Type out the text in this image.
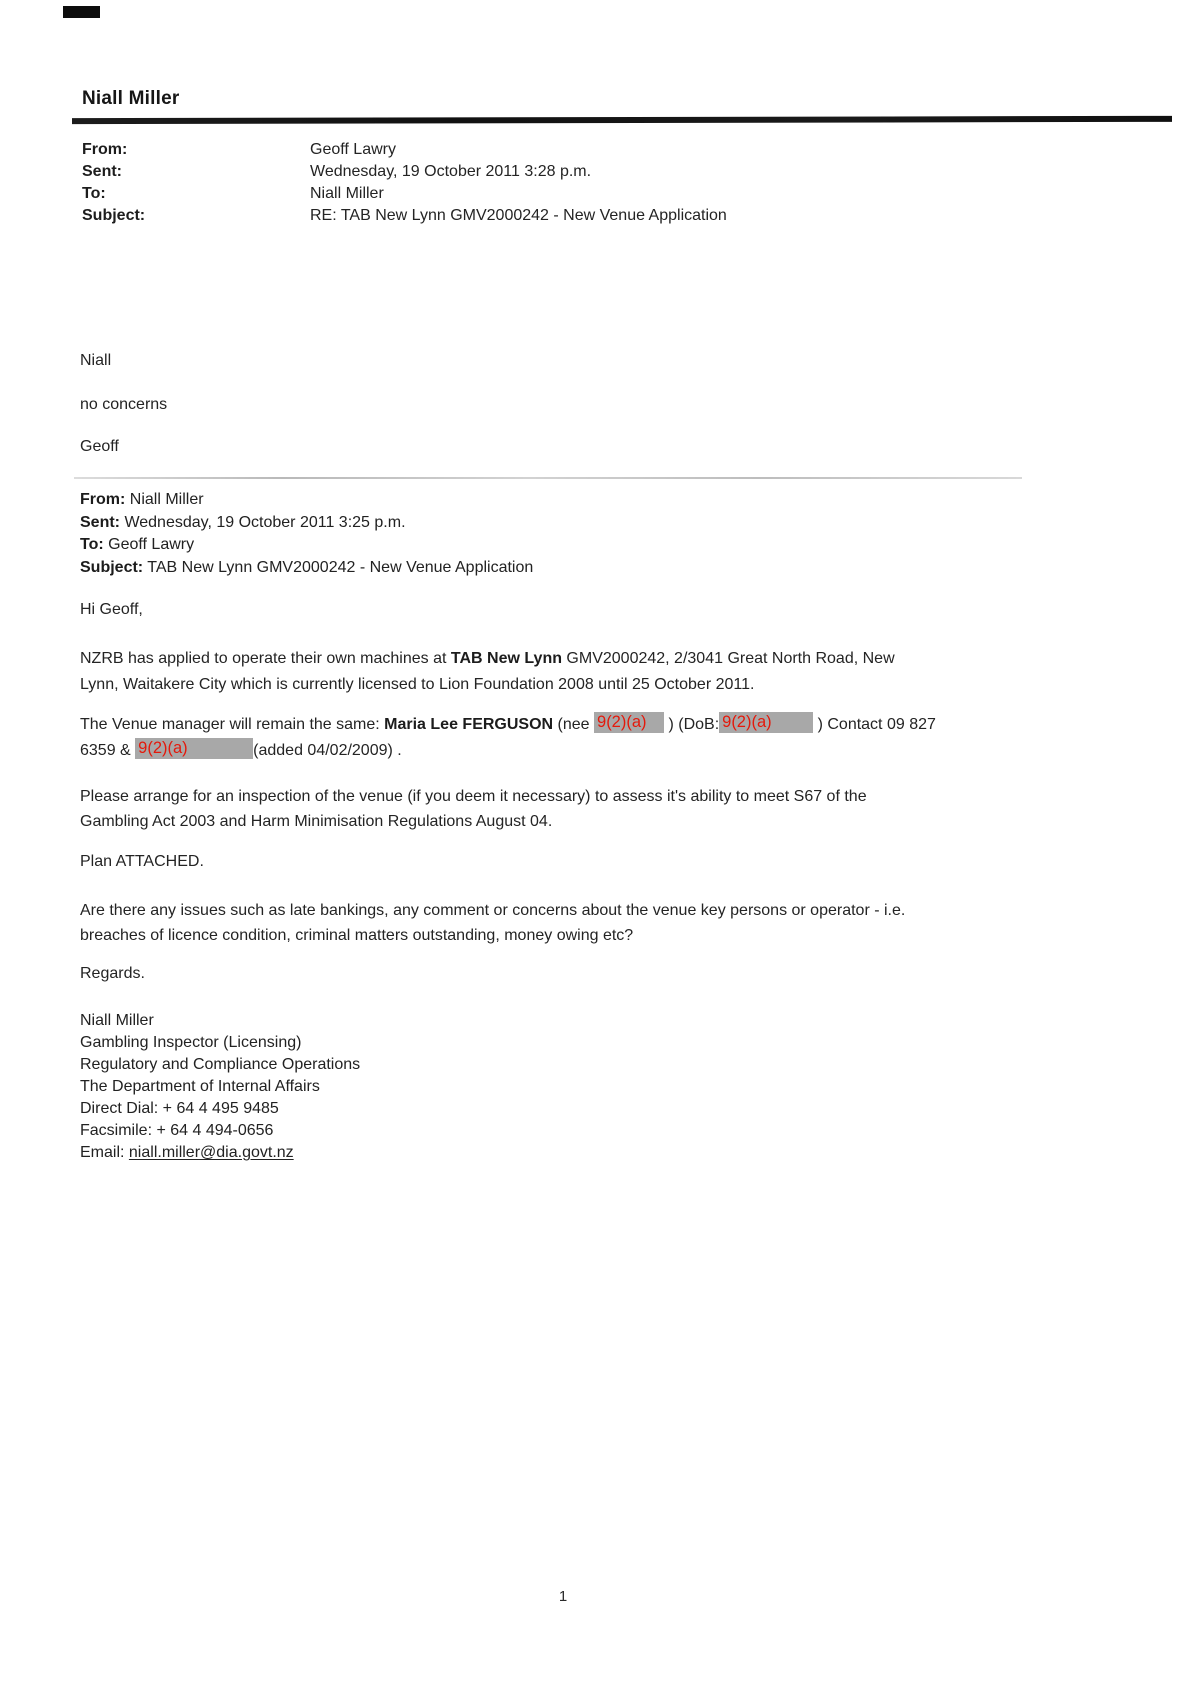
Niall Miller
From:	Geoff Lawry
Sent:	Wednesday, 19 October 2011 3:28 p.m.
To:	Niall Miller
Subject:	RE: TAB New Lynn GMV2000242 - New Venue Application
Niall
no concerns
Geoff
From: Niall Miller
Sent: Wednesday, 19 October 2011 3:25 p.m.
To: Geoff Lawry
Subject: TAB New Lynn GMV2000242 - New Venue Application
Hi Geoff,
NZRB has applied to operate their own machines at TAB New Lynn GMV2000242, 2/3041 Great North Road, New
Lynn, Waitakere City which is currently licensed to Lion Foundation 2008 until 25 October 2011.
The Venue manager will remain the same: Maria Lee FERGUSON (nee 9(2)(a) ) (DoB: 9(2)(a)	) Contact 09 827
6359 & 9(2)(a)	(added 04/02/2009) .
Please arrange for an inspection of the venue (if you deem it necessary) to assess it's ability to meet S67 of the
Gambling Act 2003 and Harm Minimisation Regulations August 04.
Plan ATTACHED.
Are there any issues such as late bankings, any comment or concerns about the venue key persons or operator - i.e.
breaches of licence condition, criminal matters outstanding, money owing etc?
Regards.
Niall Miller
Gambling Inspector (Licensing)
Regulatory and Compliance Operations
The Department of Internal Affairs
Direct Dial: + 64 4 495 9485
Facsimile: + 64 4 494-0656
Email: niall.miller@dia.govt.nz
1
